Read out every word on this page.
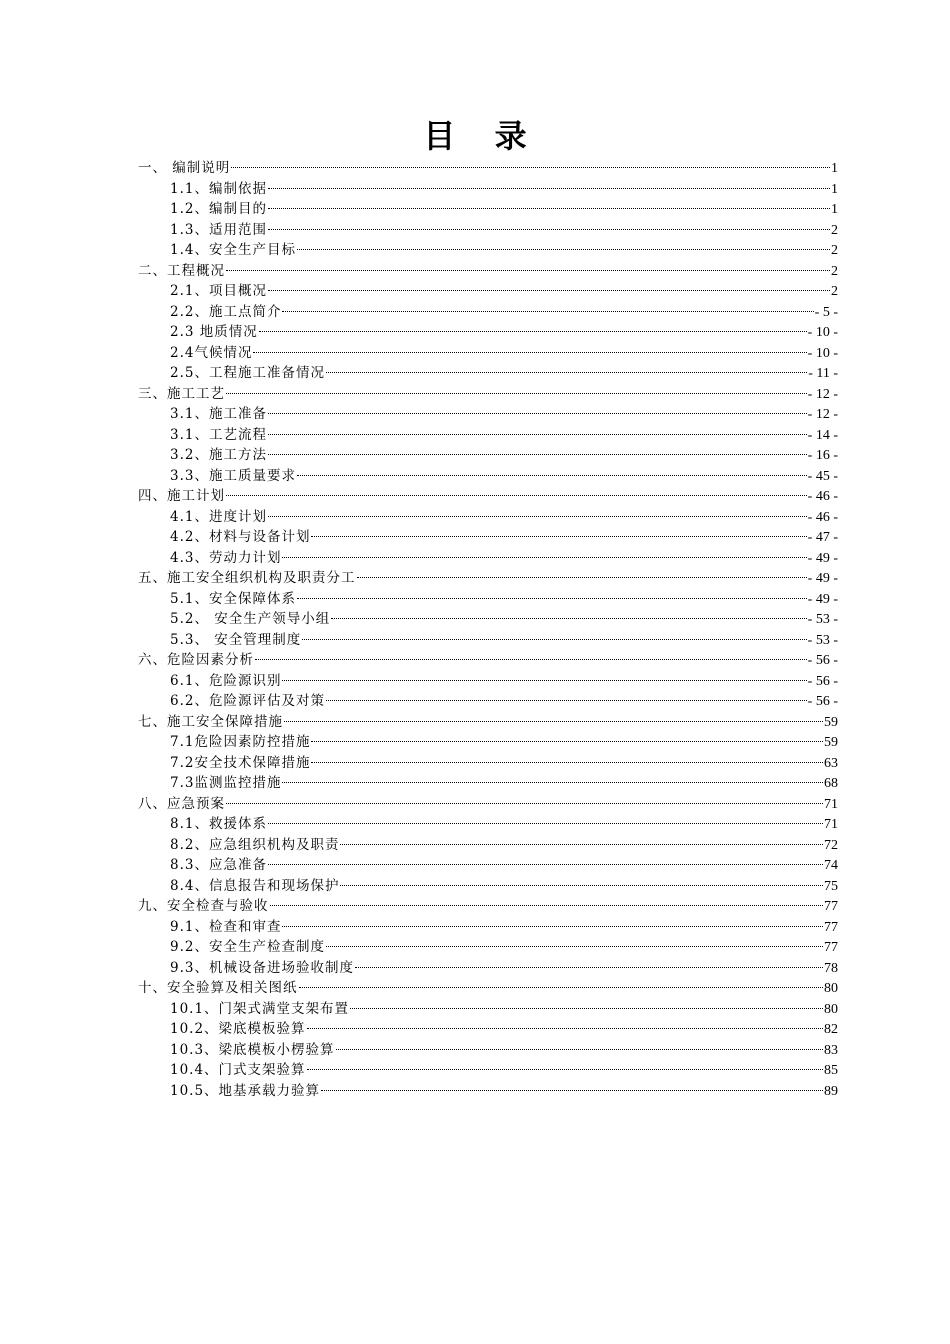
目 录
一、 编制说明	1
1.1、编制依据	1
1.2、编制目的	1
1.3、适用范围	2
1.4、安全生产目标	2
二、工程概况	2
2.1、项目概况	2
2.2、施工点简介	- 5 -
2.3 地质情况	- 10 -
2.4气候情况	- 10 -
2.5、工程施工准备情况	- 11 -
三、施工工艺	- 12 -
3.1、施工准备	- 12 -
3.1、工艺流程	- 14 -
3.2、施工方法	- 16 -
3.3、施工质量要求	- 45 -
四、施工计划	- 46 -
4.1、进度计划	- 46 -
4.2、材料与设备计划	- 47 -
4.3、劳动力计划	- 49 -
五、施工安全组织机构及职责分工	- 49 -
5.1、安全保障体系	- 49 -
5.2、 安全生产领导小组	- 53 -
5.3、 安全管理制度	- 53 -
六、危险因素分析	- 56 -
6.1、危险源识别	- 56 -
6.2、危险源评估及对策	- 56 -
七、施工安全保障措施	59
7.1危险因素防控措施	59
7.2安全技术保障措施	63
7.3监测监控措施	68
八、应急预案	71
8.1、救援体系	71
8.2、应急组织机构及职责	72
8.3、应急准备	74
8.4、信息报告和现场保护	75
九、安全检查与验收	77
9.1、检查和审查	77
9.2、安全生产检查制度	77
9.3、机械设备进场验收制度	78
十、安全验算及相关图纸	80
10.1、门架式满堂支架布置	80
10.2、梁底模板验算	82
10.3、梁底模板小楞验算	83
10.4、门式支架验算	85
10.5、地基承载力验算	89
